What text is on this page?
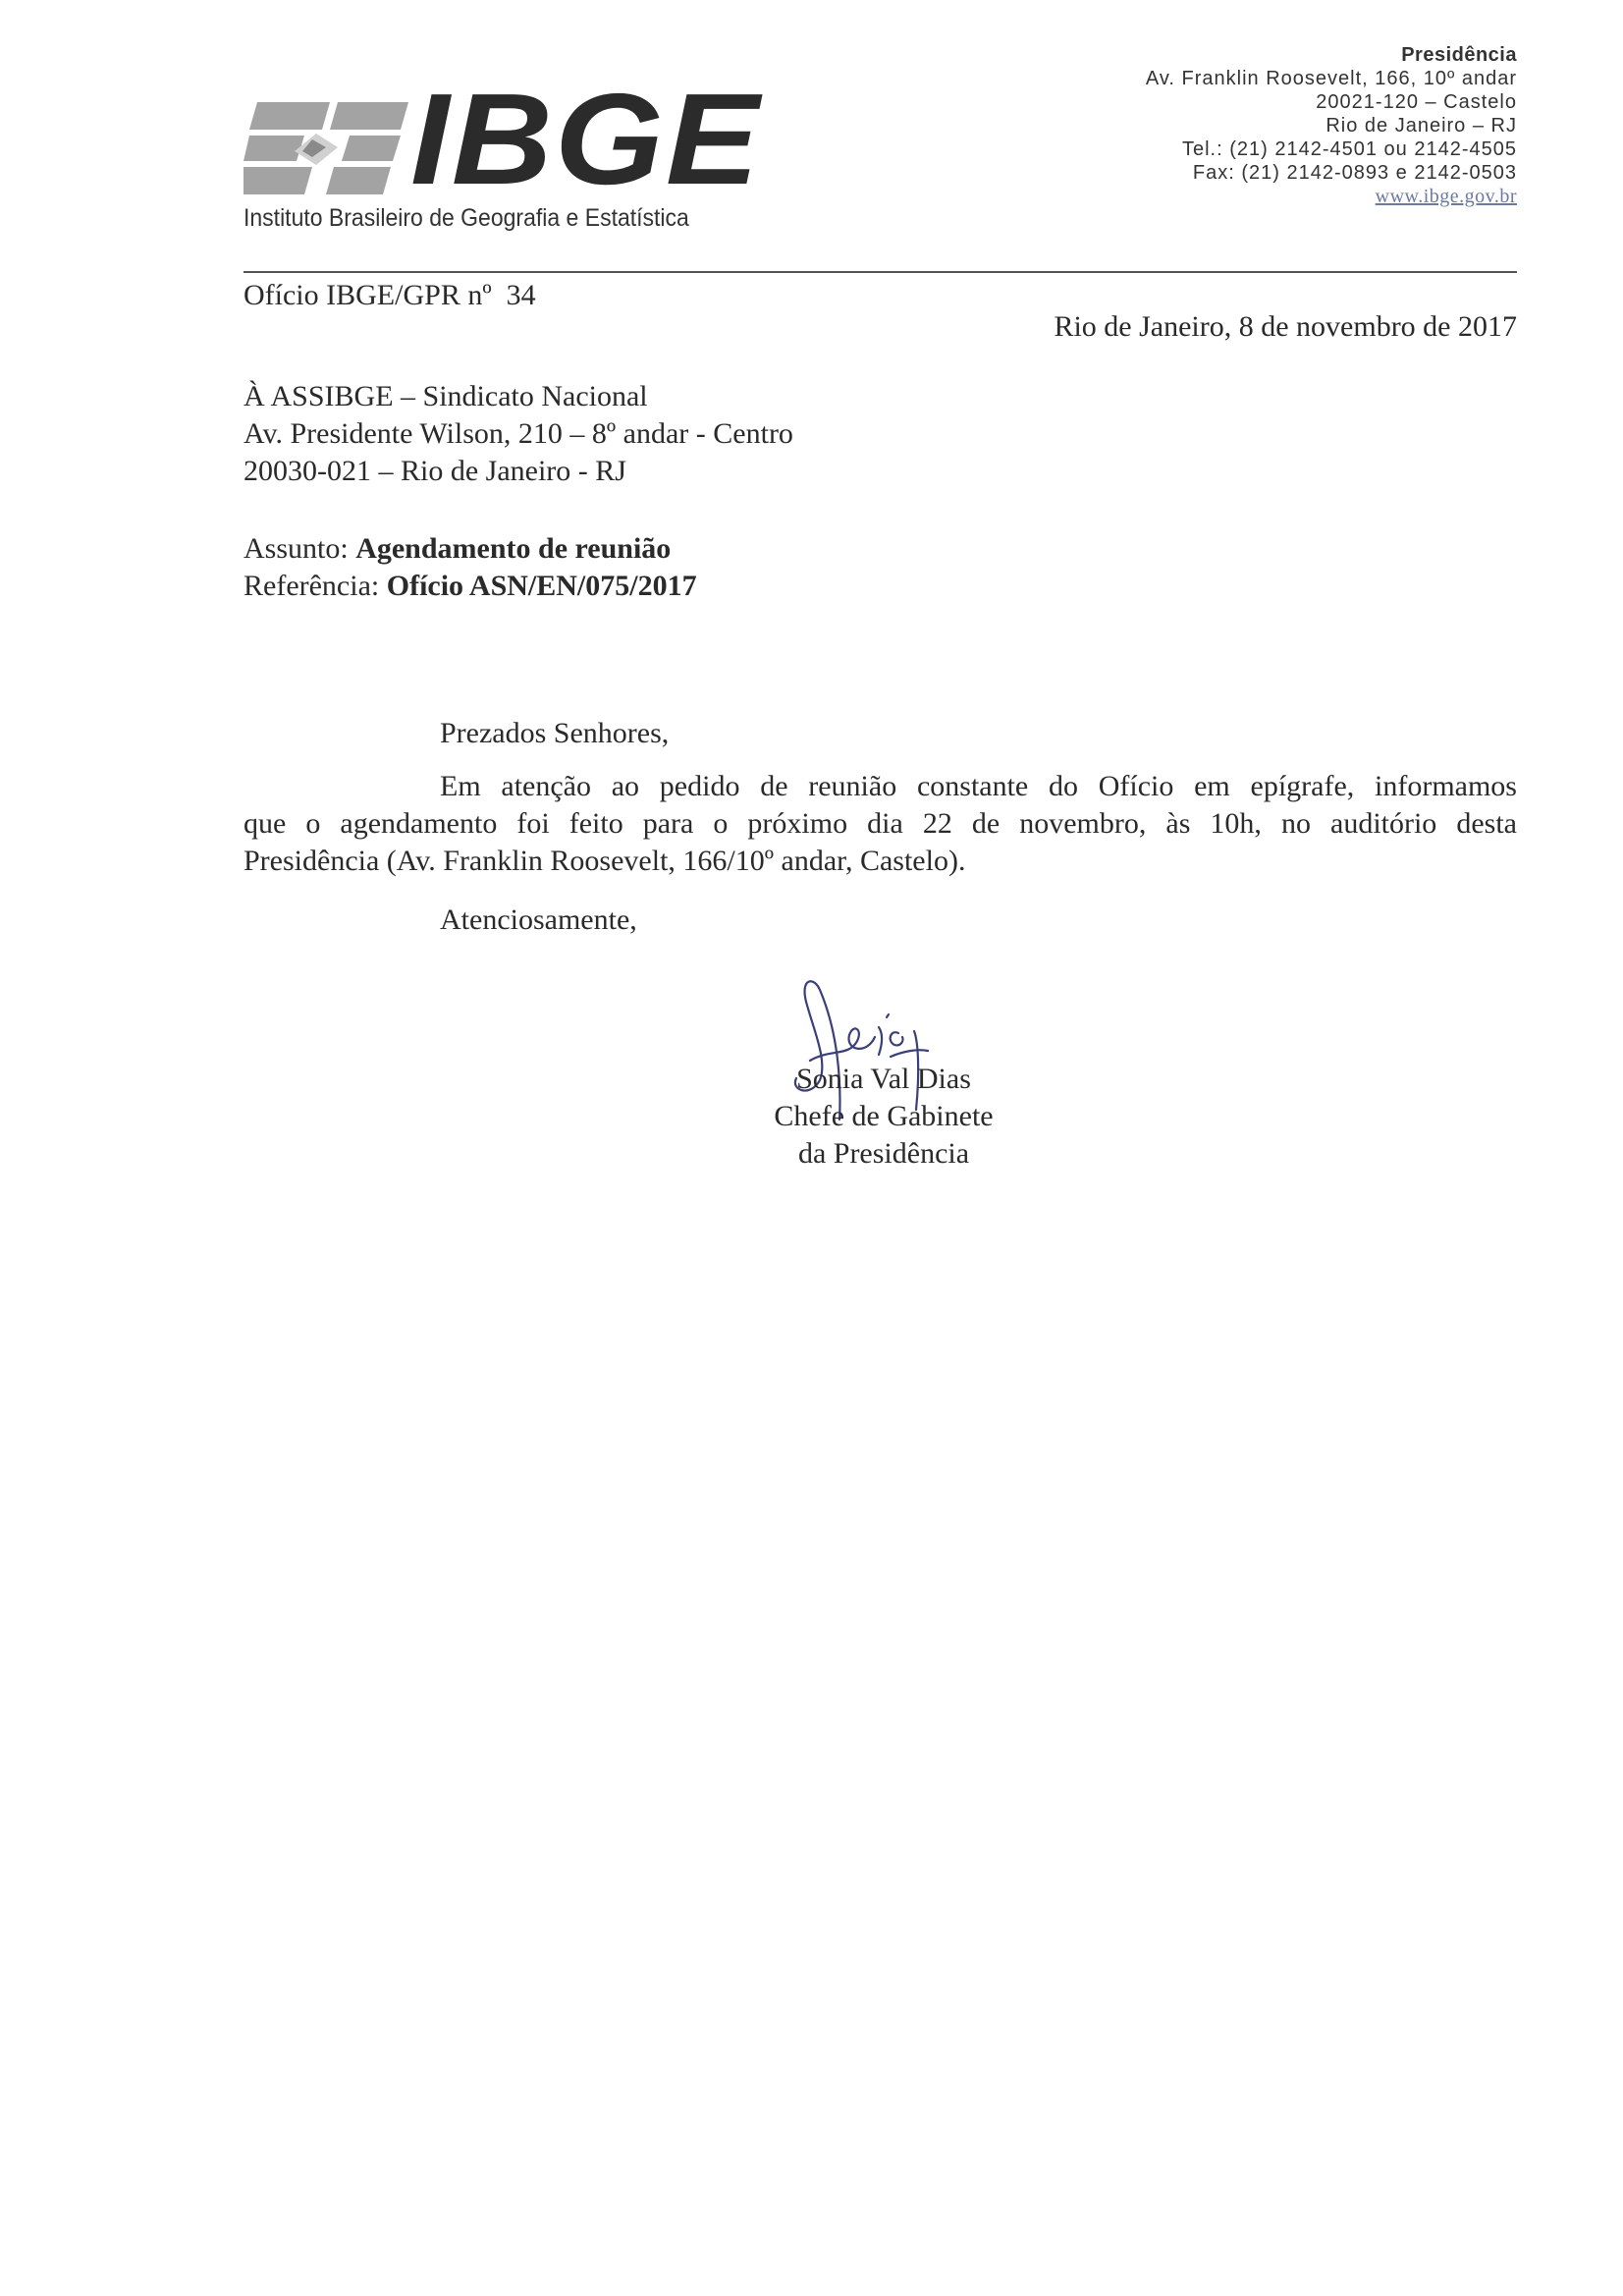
IBGE
Instituto Brasileiro de Geografia e Estatística
Presidência
Av. Franklin Roosevelt, 166, 10º andar
20021-120 – Castelo
Rio de Janeiro – RJ
Tel.: (21) 2142-4501 ou 2142-4505
Fax: (21) 2142-0893 e 2142-0503
www.ibge.gov.br
Ofício IBGE/GPR nº 34
Rio de Janeiro, 8 de novembro de 2017
À ASSIBGE – Sindicato Nacional
Av. Presidente Wilson, 210 – 8º andar - Centro
20030-021 – Rio de Janeiro - RJ
Assunto: Agendamento de reunião
Referência: Ofício ASN/EN/075/2017
Prezados Senhores,
Em atenção ao pedido de reunião constante do Ofício em epígrafe, informamos
que o agendamento foi feito para o próximo dia 22 de novembro, às 10h, no auditório desta
Presidência (Av. Franklin Roosevelt, 166/10º andar, Castelo).
Atenciosamente,
Sonia Val Dias
Chefe de Gabinete
da Presidência
